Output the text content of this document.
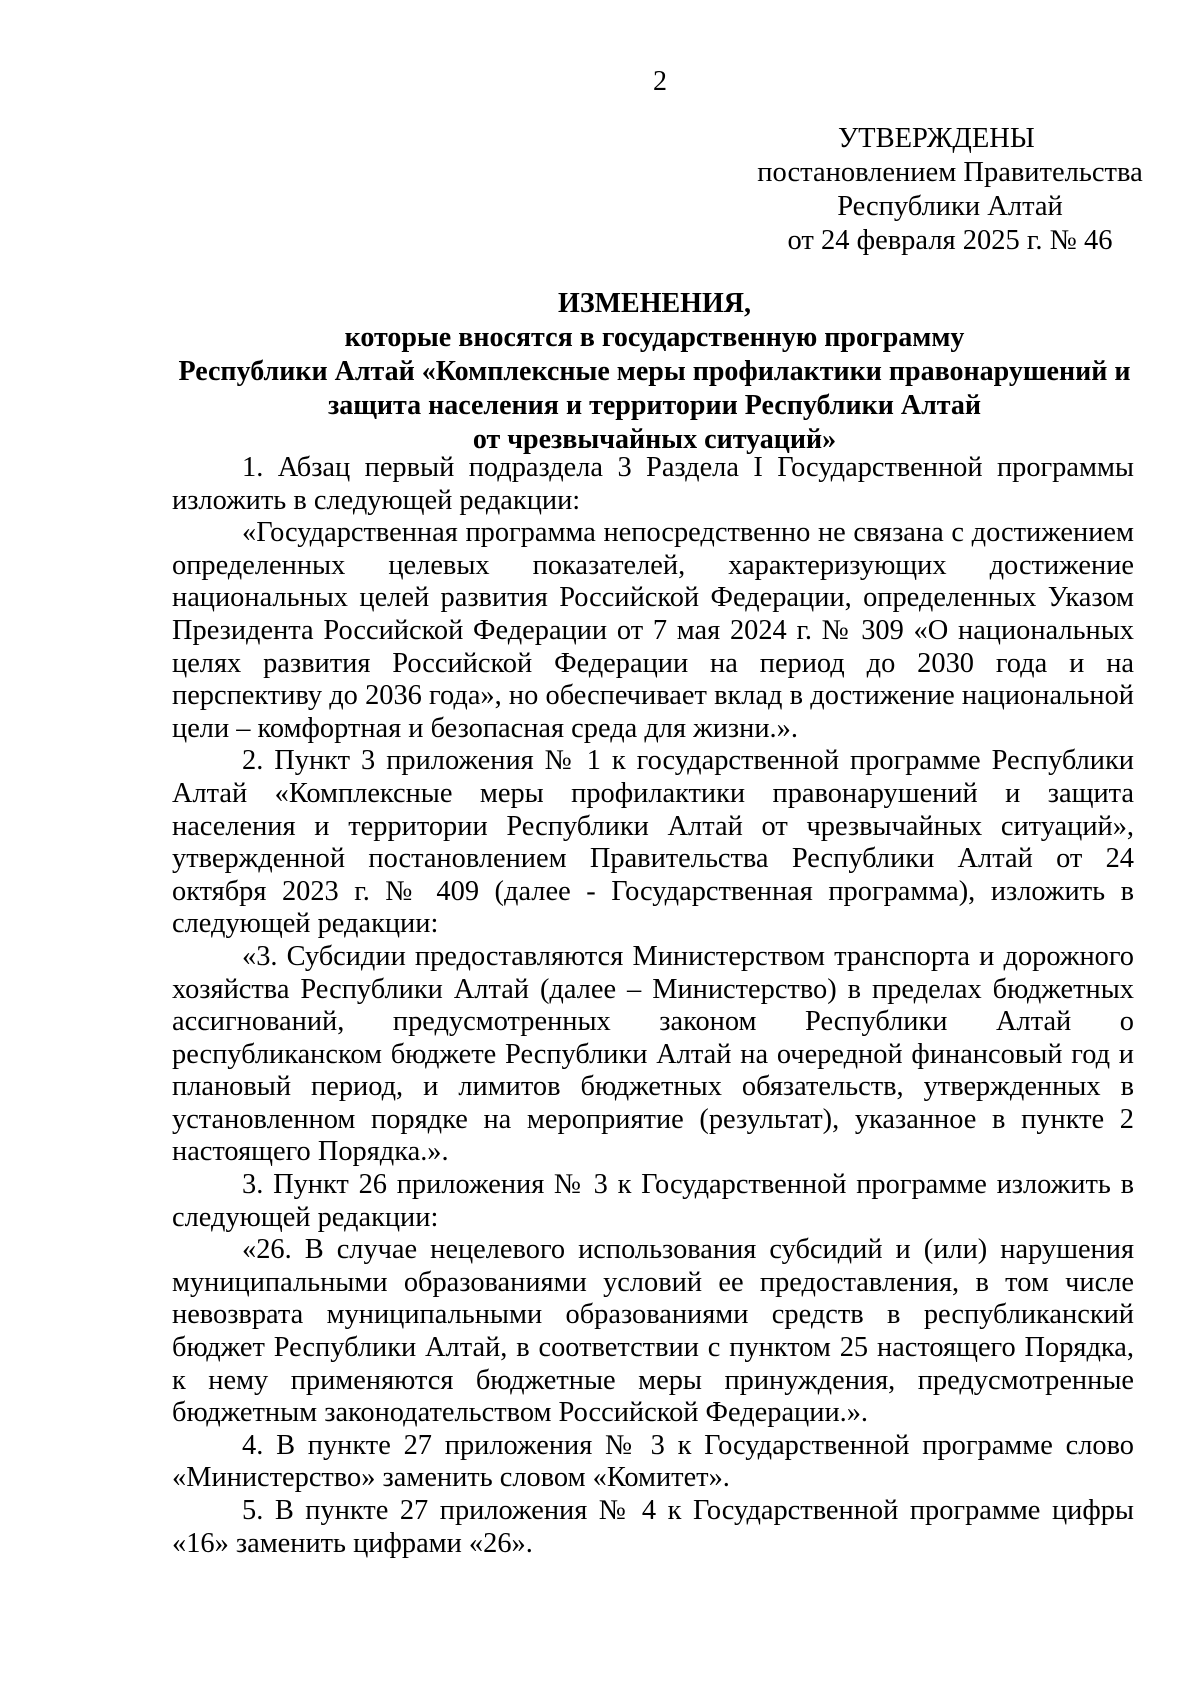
2
УТВЕРЖДЕНЫ
постановлением Правительства
Республики Алтай
от 24 февраля 2025 г. № 46
ИЗМЕНЕНИЯ,
которые вносятся в государственную программу
Республики Алтай «Комплексные меры профилактики правонарушений и
защита населения и территории Республики Алтай
от чрезвычайных ситуаций»

1. Абзац первый подраздела 3 Раздела I Государственной программы изложить в следующей редакции:

«Государственная программа непосредственно не связана с достижением определенных целевых показателей, характеризующих достижение национальных целей развития Российской Федерации, определенных Указом Президента Российской Федерации от 7 мая 2024 г. № 309 «О национальных целях развития Российской Федерации на период до 2030 года и на перспективу до 2036 года», но обеспечивает вклад в достижение национальной цели – комфортная и безопасная среда для жизни.».

2. Пункт 3 приложения № 1 к государственной программе Республики Алтай «Комплексные меры профилактики правонарушений и защита населения и территории Республики Алтай от чрезвычайных ситуаций», утвержденной постановлением Правительства Республики Алтай от 24 октября 2023 г. № 409 (далее - Государственная программа), изложить в следующей редакции:

«3. Субсидии предоставляются Министерством транспорта и дорожного хозяйства Республики Алтай (далее – Министерство) в пределах бюджетных ассигнований, предусмотренных законом Республики Алтай о республиканском бюджете Республики Алтай на очередной финансовый год и плановый период, и лимитов бюджетных обязательств, утвержденных в установленном порядке на мероприятие (результат), указанное в пункте 2 настоящего Порядка.».

3. Пункт 26 приложения № 3 к Государственной программе изложить в следующей редакции:

«26. В случае нецелевого использования субсидий и (или) нарушения муниципальными образованиями условий ее предоставления, в том числе невозврата муниципальными образованиями средств в республиканский бюджет Республики Алтай, в соответствии с пунктом 25 настоящего Порядка, к нему применяются бюджетные меры принуждения, предусмотренные бюджетным законодательством Российской Федерации.».

4. В пункте 27 приложения № 3 к Государственной программе слово «Министерство» заменить словом «Комитет».

5. В пункте 27 приложения № 4 к Государственной программе цифры «16» заменить цифрами «26».
